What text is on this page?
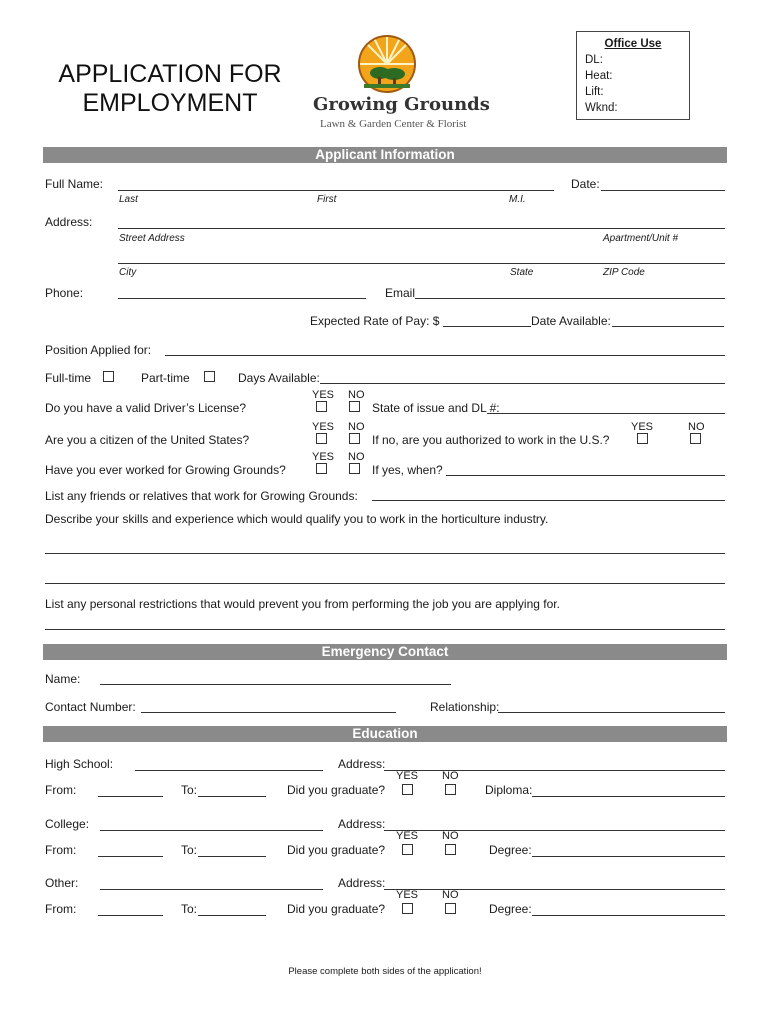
APPLICATION FOR
EMPLOYMENT	Growing Grounds
Lawn & Garden Center & Florist
Office Use
DL:
Heat:
Lift:
Wknd:
Applicant Information
Full Name:	Date:
Last	First	M.I.
Address:
Street Address	Apartment/Unit #
City	State	ZIP Code
Phone:	Email
Expected Rate of Pay: $	Date Available:
Position Applied for:
Full-time	Part-time	Days Available:
YES NO
Do you have a valid Driver’s License?	State of issue and DL #:
YES NO	YES	NO
Are you a citizen of the United States?	If no, are you authorized to work in the U.S.?
YES NO
Have you ever worked for Growing Grounds?	If yes, when?
List any friends or relatives that work for Growing Grounds:
Describe your skills and experience which would qualify you to work in the horticulture industry.
List any personal restrictions that would prevent you from performing the job you are applying for.
Emergency Contact
Name:
Contact Number:	Relationship:
Education
High School:	Address:
YES NO
From:	To:	Did you graduate?	Diploma:
College:	Address:
YES NO
From:	To:	Did you graduate?	Degree:
Other:	Address:
YES NO
From:	To:	Did you graduate?	Degree:
Please complete both sides of the application!
